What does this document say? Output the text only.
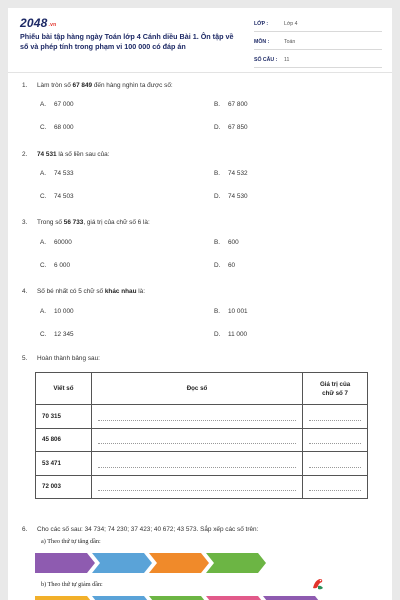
2048.vn
Phiếu bài tập hàng ngày Toán lớp 4 Cánh diều Bài 1. Ôn tập về số và phép tính trong phạm vi 100 000 có đáp án
LỚP :	Lớp 4
MÔN :	Toán
SỐ CÂU : 11
1. Làm tròn số 67 849 đến hàng nghìn ta được số:
A. 67 000	B. 67 800
C. 68 000	D. 67 850
2. 74 531 là số liền sau của:
A. 74 533	B. 74 532
C. 74 503	D. 74 530
3. Trong số 56 733, giá trị của chữ số 6 là:
A. 60000	B. 600
C. 6 000	D. 60
4. Số bé nhất có 5 chữ số khác nhau là:
A. 10 000	B. 10 001
C. 12 345	D. 11 000
5. Hoàn thành bảng sau:
Viết số	Đọc số	Giá trị của
chữ số 7
70 315	

45 806	

53 471	

72 003	

6. Cho các số sau: 34 734; 74 230; 37 423; 40 672; 43 573. Sắp xếp các số trên:
a) Theo thứ tự tăng dần:
b) Theo thứ tự giảm dần:
